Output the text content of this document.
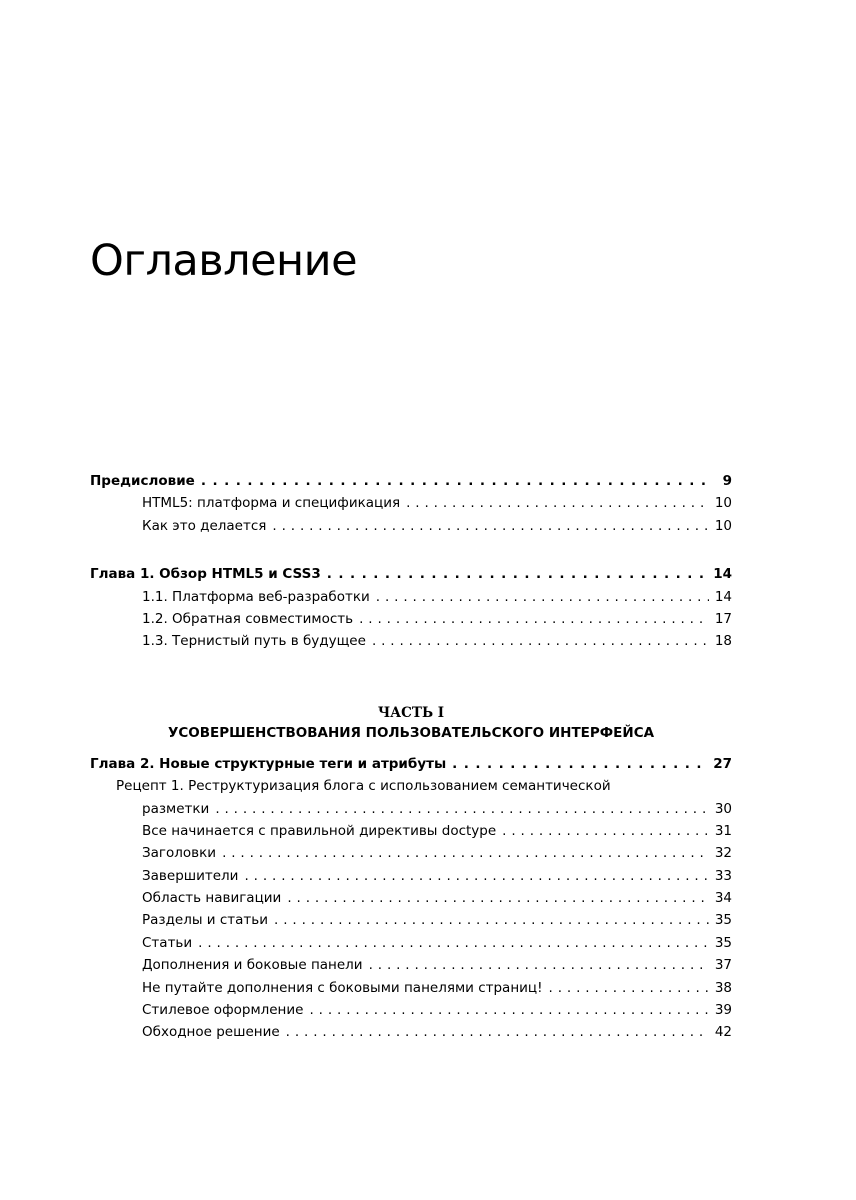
Оглавление
Предисловие . . .	9
HTML5: платформа и спецификация . . .	10
Как это делается . . .	10
Глава 1. Обзор HTML5 и CSS3 . . .	14
1.1. Платформа веб-разработки . . .	14
1.2. Обратная совместимость . . .	17
1.3. Тернистый путь в будущее . . .	18
ЧАСТЬ I
УСОВЕРШЕНСТВОВАНИЯ ПОЛЬЗОВАТЕЛЬСКОГО ИНТЕРФЕЙСА
Глава 2. Новые структурные теги и атрибуты . . .	27
Рецепт 1. Реструктуризация блога с использованием семантической
разметки . . .	30
Все начинается с правильной директивы doctype . . .	31
Заголовки . . .	32
Завершители . . .	33
Область навигации . . .	34
Разделы и статьи . . .	35
Статьи . . .	35
Дополнения и боковые панели . . .	37
Не путайте дополнения с боковыми панелями страниц! . . .	38
Стилевое оформление . . .	39
Обходное решение . . .	42
